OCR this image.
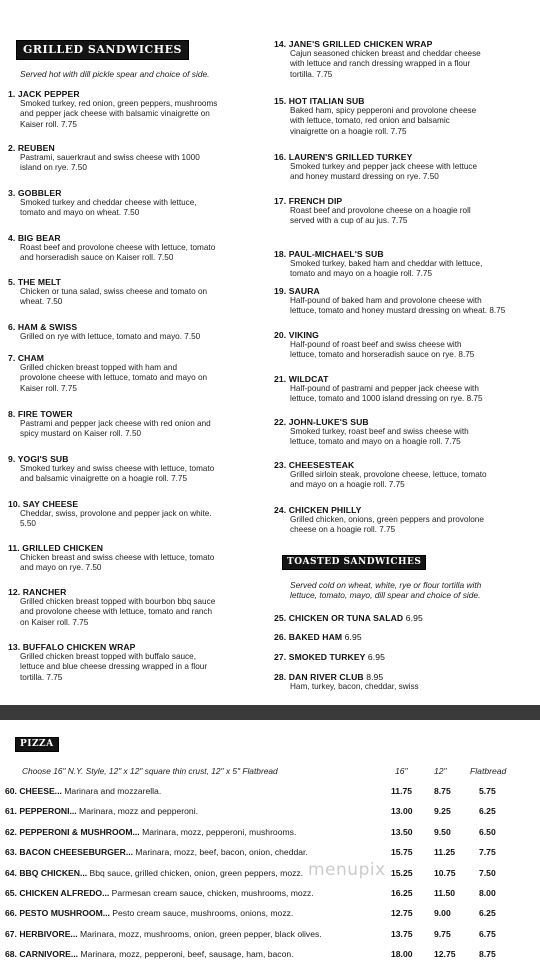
GRILLED SANDWICHES
Served hot with dill pickle spear and choice of side.
1. JACK PEPPER
Smoked turkey, red onion, green peppers, mushrooms
and pepper jack cheese with balsamic vinaigrette on
Kaiser roll. 7.75
2. REUBEN
Pastrami, sauerkraut and swiss cheese with 1000
island on rye. 7.50
3. GOBBLER
Smoked turkey and cheddar cheese with lettuce,
tomato and mayo on wheat. 7.50
4. BIG BEAR
Roast beef and provolone cheese with lettuce, tomato
and horseradish sauce on Kaiser roll. 7.50
5. THE MELT
Chicken or tuna salad, swiss cheese and tomato on
wheat. 7.50
6. HAM & SWISS
Grilled on rye with lettuce, tomato and mayo. 7.50
7. CHAM
Grilled chicken breast topped with ham and
provolone cheese with lettuce, tomato and mayo on
Kaiser roll. 7.75
8. FIRE TOWER
Pastrami and pepper jack cheese with red onion and
spicy mustard on Kaiser roll. 7.50
9. YOGI'S SUB
Smoked turkey and swiss cheese with lettuce, tomato
and balsamic vinaigrette on a hoagie roll. 7.75
10. SAY CHEESE
Cheddar, swiss, provolone and pepper jack on white.
5.50
11. GRILLED CHICKEN
Chicken breast and swiss cheese with lettuce, tomato
and mayo on rye. 7.50
12. RANCHER
Grilled chicken breast topped with bourbon bbq sauce
and provolone cheese with lettuce, tomato and ranch
on Kaiser roll. 7.75
13. BUFFALO CHICKEN WRAP
Grilled chicken breast topped with buffalo sauce,
lettuce and blue cheese dressing wrapped in a flour
tortilla. 7.75
14. JANE'S GRILLED CHICKEN WRAP
Cajun seasoned chicken breast and cheddar cheese
with lettuce and ranch dressing wrapped in a flour
tortilla. 7.75
15. HOT ITALIAN SUB
Baked ham, spicy pepperoni and provolone cheese
with lettuce, tomato, red onion and balsamic
vinaigrette on a hoagie roll. 7.75
16. LAUREN'S GRILLED TURKEY
Smoked turkey and pepper jack cheese with lettuce
and honey mustard dressing on rye. 7.50
17. FRENCH DIP
Roast beef and provolone cheese on a hoagie roll
served with a cup of au jus. 7.75
18. PAUL-MICHAEL'S SUB
Smoked turkey, baked ham and cheddar with lettuce,
tomato and mayo on a hoagie roll. 7.75
19. SAURA
Half-pound of baked ham and provolone cheese with
lettuce, tomato and honey mustard dressing on wheat. 8.75
20. VIKING
Half-pound of roast beef and swiss cheese with
lettuce, tomato and horseradish sauce on rye. 8.75
21. WILDCAT
Half-pound of pastrami and pepper jack cheese with
lettuce, tomato and 1000 island dressing on rye. 8.75
22. JOHN-LUKE'S SUB
Smoked turkey, roast beef and swiss cheese with
lettuce, tomato and mayo on a hoagie roll. 7.75
23. CHEESESTEAK
Grilled sirloin steak, provolone cheese, lettuce, tomato
and mayo on a hoagie roll. 7.75
24. CHICKEN PHILLY
Grilled chicken, onions, green peppers and provolone
cheese on a hoagie roll. 7.75
TOASTED SANDWICHES
Served cold on wheat, white, rye or flour tortilla with
lettuce, tomato, mayo, dill spear and choice of side.
25. CHICKEN OR TUNA SALAD 6.95
26. BAKED HAM 6.95
27. SMOKED TURKEY 6.95
28. DAN RIVER CLUB 8.95
Ham, turkey, bacon, cheddar, swiss
PIZZA
Choose 16" N.Y. Style, 12" x 12" square thin crust, 12" x 5" Flatbread	16"	12"	Flatbread
60. CHEESE... Marinara and mozzarella.	11.75	8.75	5.75
61. PEPPERONI... Marinara, mozz and pepperoni.	13.00 9.25	6.25
62. PEPPERONI & MUSHROOM... Marinara, mozz, pepperoni, mushrooms.	13.50 9.50	6.50
63. BACON CHEESEBURGER... Marinara, mozz, beef, bacon, onion, cheddar.	15.75 11.25	7.75
64. BBQ CHICKEN... Bbq sauce, grilled chicken, onion, green peppers, mozz.	15.25 10.75	7.50
65. CHICKEN ALFREDO... Parmesan cream sauce, chicken, mushrooms, mozz.	16.25 11.50	8.00
66. PESTO MUSHROOM... Pesto cream sauce, mushrooms, onions, mozz.	12.75 9.00	6.25
67. HERBIVORE... Marinara, mozz, mushrooms, onion, green pepper, black olives.	13.75 9.75	6.75
68. CARNIVORE... Marinara, mozz, pepperoni, beef, sausage, ham, bacon.	18.00 12.75	8.75
menupix
